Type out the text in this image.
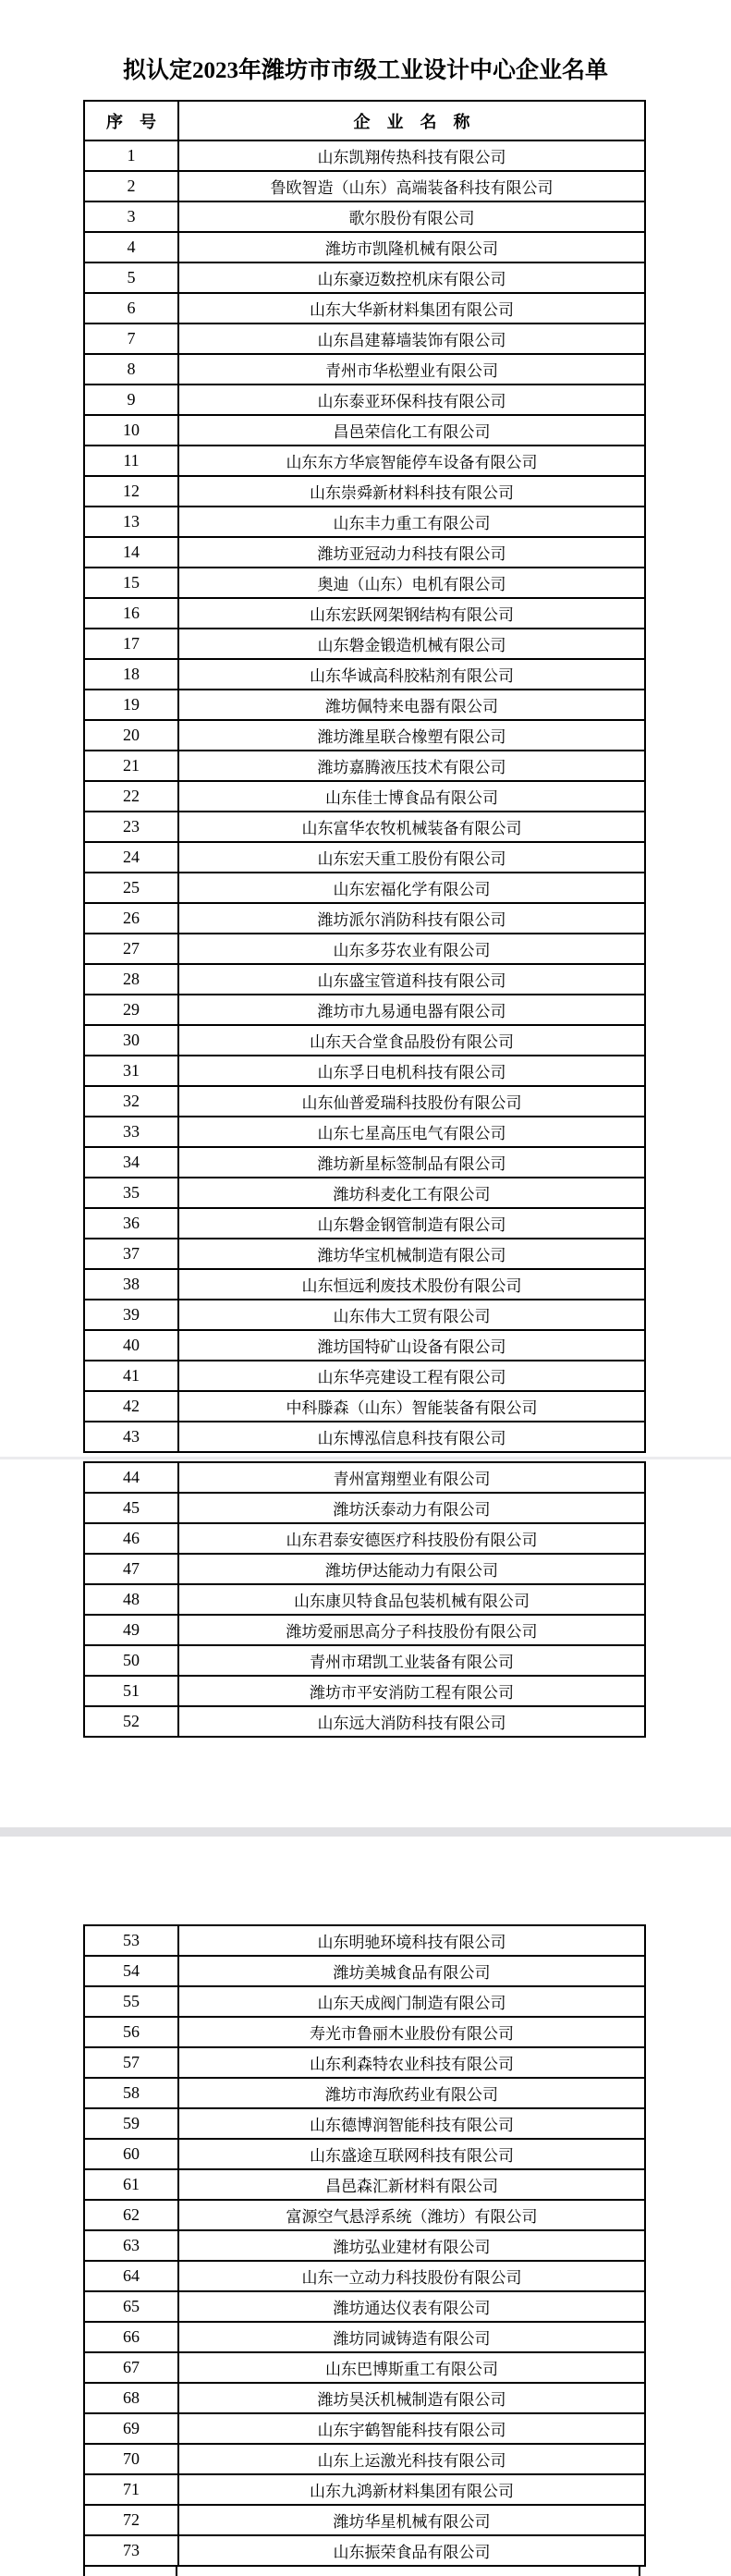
拟认定2023年潍坊市市级工业设计中心企业名单
序　号	企　业　名　称
1	山东凯翔传热科技有限公司
2	鲁欧智造（山东）高端装备科技有限公司
3	歌尔股份有限公司
4	潍坊市凯隆机械有限公司
5	山东豪迈数控机床有限公司
6	山东大华新材料集团有限公司
7	山东昌建幕墙装饰有限公司
8	青州市华松塑业有限公司
9	山东泰亚环保科技有限公司
10	昌邑荣信化工有限公司
11	山东东方华宸智能停车设备有限公司
12	山东崇舜新材料科技有限公司
13	山东丰力重工有限公司
14	潍坊亚冠动力科技有限公司
15	奥迪（山东）电机有限公司
16	山东宏跃网架钢结构有限公司
17	山东磐金锻造机械有限公司
18	山东华诚高科胶粘剂有限公司
19	潍坊佩特来电器有限公司
20	潍坊潍星联合橡塑有限公司
21	潍坊嘉腾液压技术有限公司
22	山东佳士博食品有限公司
23	山东富华农牧机械装备有限公司
24	山东宏天重工股份有限公司
25	山东宏福化学有限公司
26	潍坊派尔消防科技有限公司
27	山东多芬农业有限公司
28	山东盛宝管道科技有限公司
29	潍坊市九易通电器有限公司
30	山东天合堂食品股份有限公司
31	山东孚日电机科技有限公司
32	山东仙普爱瑞科技股份有限公司
33	山东七星高压电气有限公司
34	潍坊新星标签制品有限公司
35	潍坊科麦化工有限公司
36	山东磐金钢管制造有限公司
37	潍坊华宝机械制造有限公司
38	山东恒远利废技术股份有限公司
39	山东伟大工贸有限公司
40	潍坊国特矿山设备有限公司
41	山东华亮建设工程有限公司
42	中科滕森（山东）智能装备有限公司
43	山东博泓信息科技有限公司
44	青州富翔塑业有限公司
45	潍坊沃泰动力有限公司
46	山东君泰安德医疗科技股份有限公司
47	潍坊伊达能动力有限公司
48	山东康贝特食品包装机械有限公司
49	潍坊爱丽思高分子科技股份有限公司
50	青州市珺凯工业装备有限公司
51	潍坊市平安消防工程有限公司
52	山东远大消防科技有限公司
53	山东明驰环境科技有限公司
54	潍坊美城食品有限公司
55	山东天成阀门制造有限公司
56	寿光市鲁丽木业股份有限公司
57	山东利森特农业科技有限公司
58	潍坊市海欣药业有限公司
59	山东德博润智能科技有限公司
60	山东盛途互联网科技有限公司
61	昌邑森汇新材料有限公司
62	富源空气悬浮系统（潍坊）有限公司
63	潍坊弘业建材有限公司
64	山东一立动力科技股份有限公司
65	潍坊通达仪表有限公司
66	潍坊同诚铸造有限公司
67	山东巴博斯重工有限公司
68	潍坊昊沃机械制造有限公司
69	山东宇鹤智能科技有限公司
70	山东上运激光科技有限公司
71	山东九鸿新材料集团有限公司
72	潍坊华星机械有限公司
73	山东振荣食品有限公司
